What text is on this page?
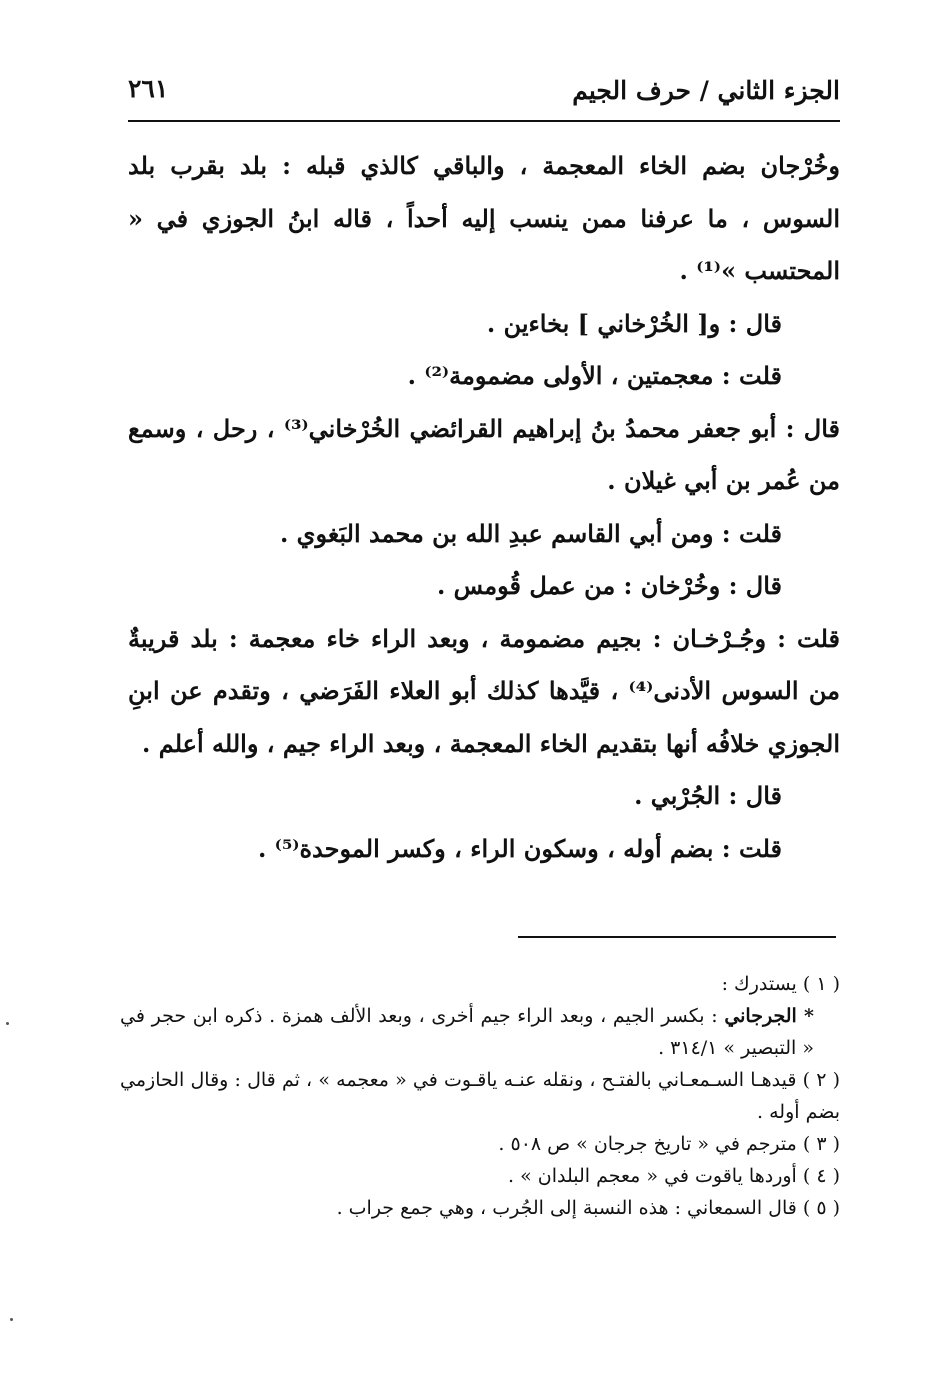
الجزء الثاني / حرف الجيم
٢٦١

وخُرْجان بضم الخاء المعجمة ، والباقي كالذي قبله : بلد بقرب بلد السوس ، ما عرفنا ممن ينسب إليه أحداً ، قاله ابنُ الجوزي في « المحتسب »⁽¹⁾ .

قال : و[ الخُرْخاني ] بخاءين .

قلت : معجمتين ، الأولى مضمومة⁽²⁾ .

قال : أبو جعفر محمدُ بنُ إبراهيم القرائضي الخُرْخاني⁽³⁾ ، رحل ، وسمع من عُمر بن أبي غيلان .

قلت : ومن أبي القاسم عبدِ الله بن محمد البَغوي .

قال : وخُرْخان : من عمل قُومس .

قلت : وجُـرْخـان : بجيم مضمومة ، وبعد الراء خاء معجمة : بلد قريبةٌ من السوس الأدنى⁽⁴⁾ ، قيَّدها كذلك أبو العلاء الفَرَضي ، وتقدم عن ابنِ الجوزي خلافُه أنها بتقديم الخاء المعجمة ، وبعد الراء جيم ، والله أعلم .

قال : الجُرْبي .

قلت : بضم أوله ، وسكون الراء ، وكسر الموحدة⁽⁵⁾ .

( ١ ) يستدرك :

* الجرجاني : بكسر الجيم ، وبعد الراء جيم أخرى ، وبعد الألف همزة . ذكره ابن حجر في « التبصير » ٣١٤/١ .

( ٢ ) قيدهـا السـمعـاني بالفتـح ، ونقله عنـه ياقـوت في « معجمه » ، ثم قال : وقال الحازمي بضم أوله .

( ٣ ) مترجم في « تاريخ جرجان » ص ٥٠٨ .

( ٤ ) أوردها ياقوت في « معجم البلدان » .

( ٥ ) قال السمعاني : هذه النسبة إلى الجُرب ، وهي جمع جراب .
